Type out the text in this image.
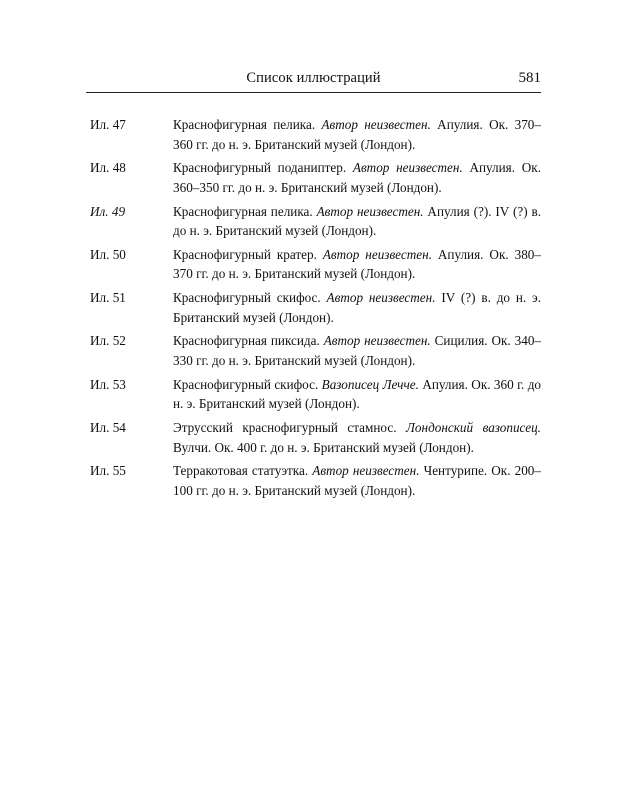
Список иллюстраций	581
Ил. 47	Краснофигурная пелика. Автор неизвестен. Апулия. Ок. 370–360 гг. до н. э. Британский музей (Лондон).
Ил. 48	Краснофигурный поданиптер. Автор неизвестен. Апулия. Ок. 360–350 гг. до н. э. Британский музей (Лондон).
Ил. 49	Краснофигурная пелика. Автор неизвестен. Апулия (?). IV (?) в. до н. э. Британский музей (Лондон).
Ил. 50	Краснофигурный кратер. Автор неизвестен. Апулия. Ок. 380–370 гг. до н. э. Британский музей (Лондон).
Ил. 51	Краснофигурный скифос. Автор неизвестен. IV (?) в. до н. э. Британский музей (Лондон).
Ил. 52	Краснофигурная пиксида. Автор неизвестен. Сицилия. Ок. 340–330 гг. до н. э. Британский музей (Лондон).
Ил. 53	Краснофигурный скифос. Вазописец Лечче. Апулия. Ок. 360 г. до н. э. Британский музей (Лондон).
Ил. 54	Этрусский краснофигурный стамнос. Лондонский вазописец. Вулчи. Ок. 400 г. до н. э. Британский музей (Лондон).
Ил. 55	Терракотовая статуэтка. Автор неизвестен. Чентурипе. Ок. 200–100 гг. до н. э. Британский музей (Лондон).
